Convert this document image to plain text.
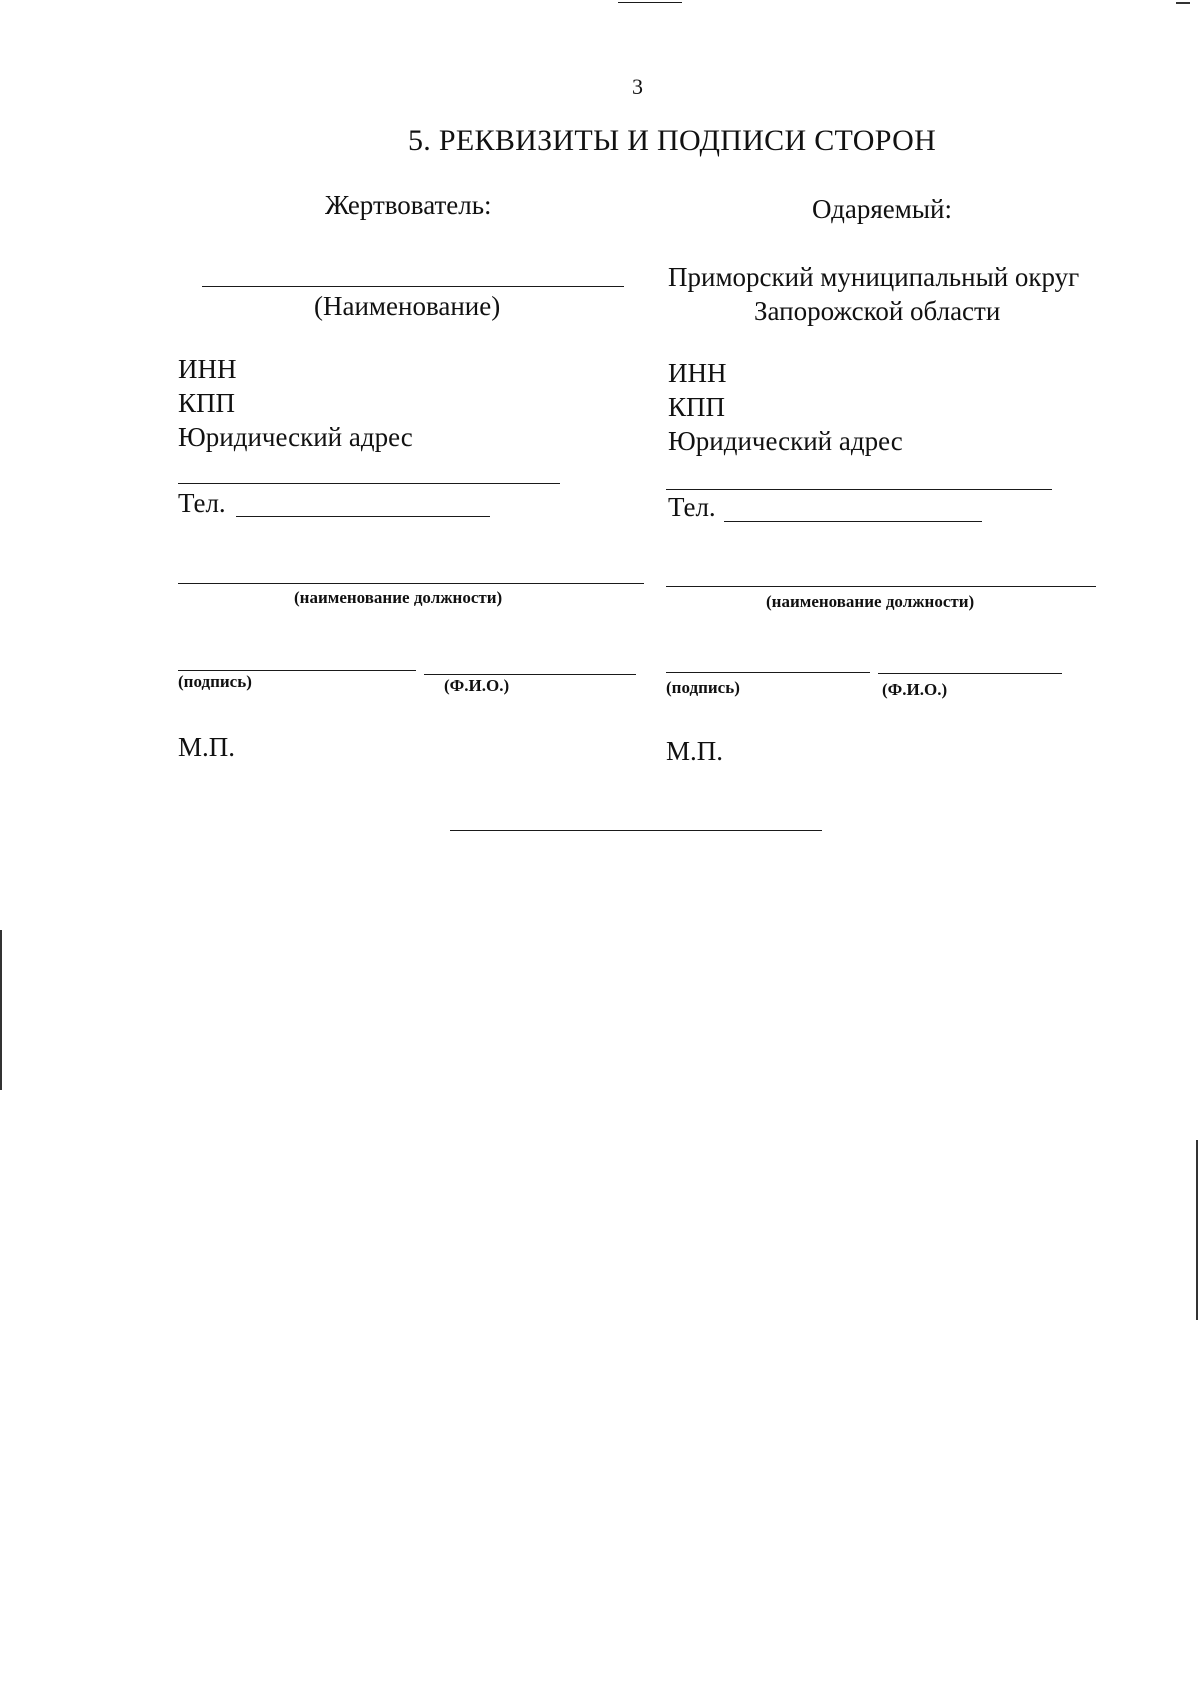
3
5. РЕКВИЗИТЫ И ПОДПИСИ СТОРОН
Жертвователь:
(Наименование)
ИНН
КПП
Юридический адрес
Тел.
(наименование должности)
(подпись)	(Ф.И.О.)
М.П.
Одаряемый:
Приморский муниципальный округ
Запорожской области
ИНН
КПП
Юридический адрес
Тел.
(наименование должности)
(подпись)	(Ф.И.О.)
М.П.
